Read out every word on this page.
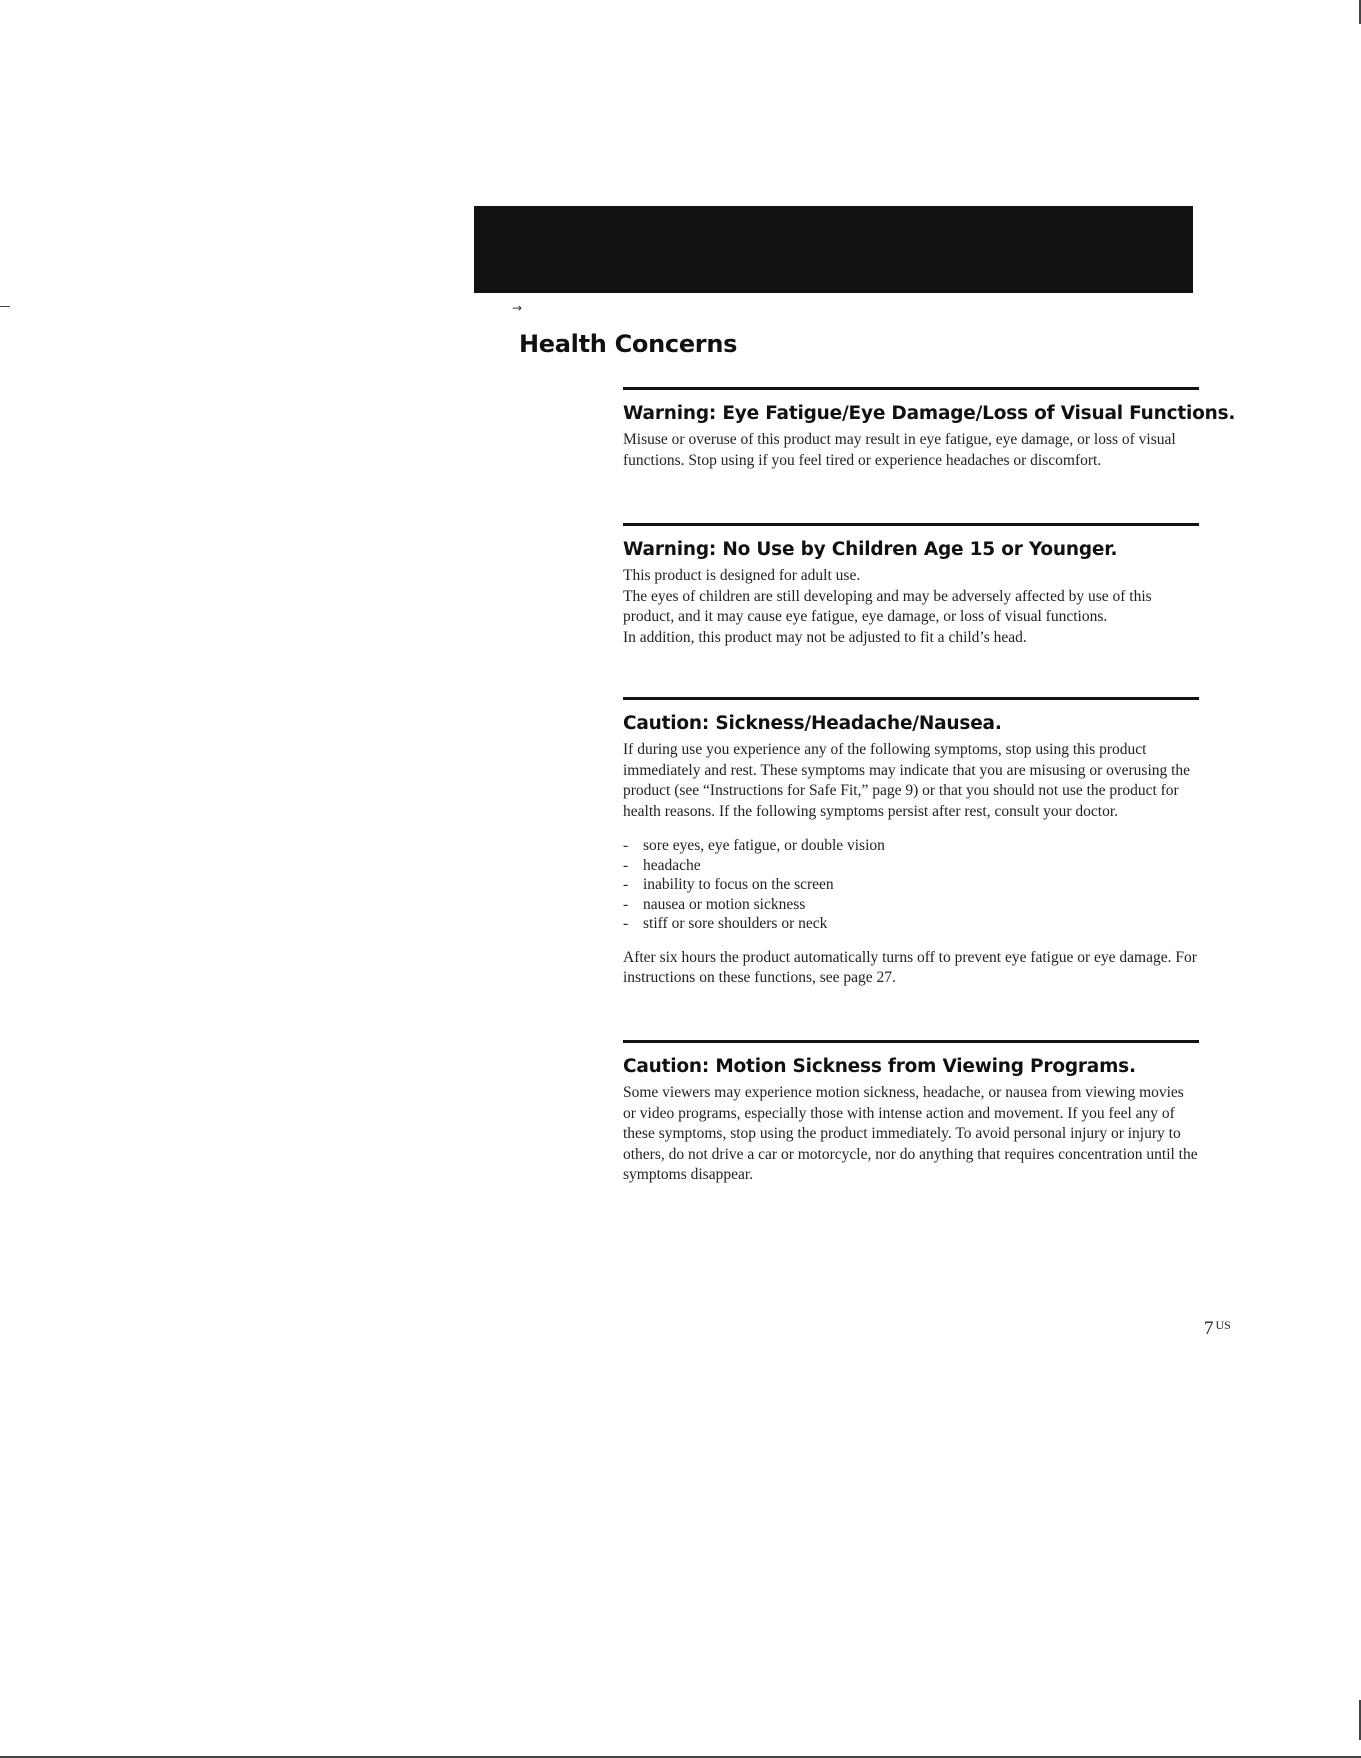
→
Health Concerns
Warning: Eye Fatigue/Eye Damage/Loss of Visual Functions.

Misuse or overuse of this product may result in eye fatigue, eye damage, or loss of visual functions. Stop using if you feel tired or experience headaches or discomfort.

Warning: No Use by Children Age 15 or Younger.

This product is designed for adult use.

The eyes of children are still developing and may be adversely affected by use of this product, and it may cause eye fatigue, eye damage, or loss of visual functions.

In addition, this product may not be adjusted to fit a child’s head.

Caution: Sickness/Headache/Nausea.

If during use you experience any of the following symptoms, stop using this product immediately and rest. These symptoms may indicate that you are misusing or overusing the product (see “Instructions for Safe Fit,” page 9) or that you should not use the product for health reasons. If the following symptoms persist after rest, consult your doctor.

- sore eyes, eye fatigue, or double vision
- headache
- inability to focus on the screen
- nausea or motion sickness
- stiff or sore shoulders or neck

After six hours the product automatically turns off to prevent eye fatigue or eye damage. For instructions on these functions, see page 27.

Caution: Motion Sickness from Viewing Programs.

Some viewers may experience motion sickness, headache, or nausea from viewing movies or video programs, especially those with intense action and movement. If you feel any of these symptoms, stop using the product immediately. To avoid personal injury or injury to others, do not drive a car or motorcycle, nor do anything that requires concentration until the symptoms disappear.

7 $^{US}$
